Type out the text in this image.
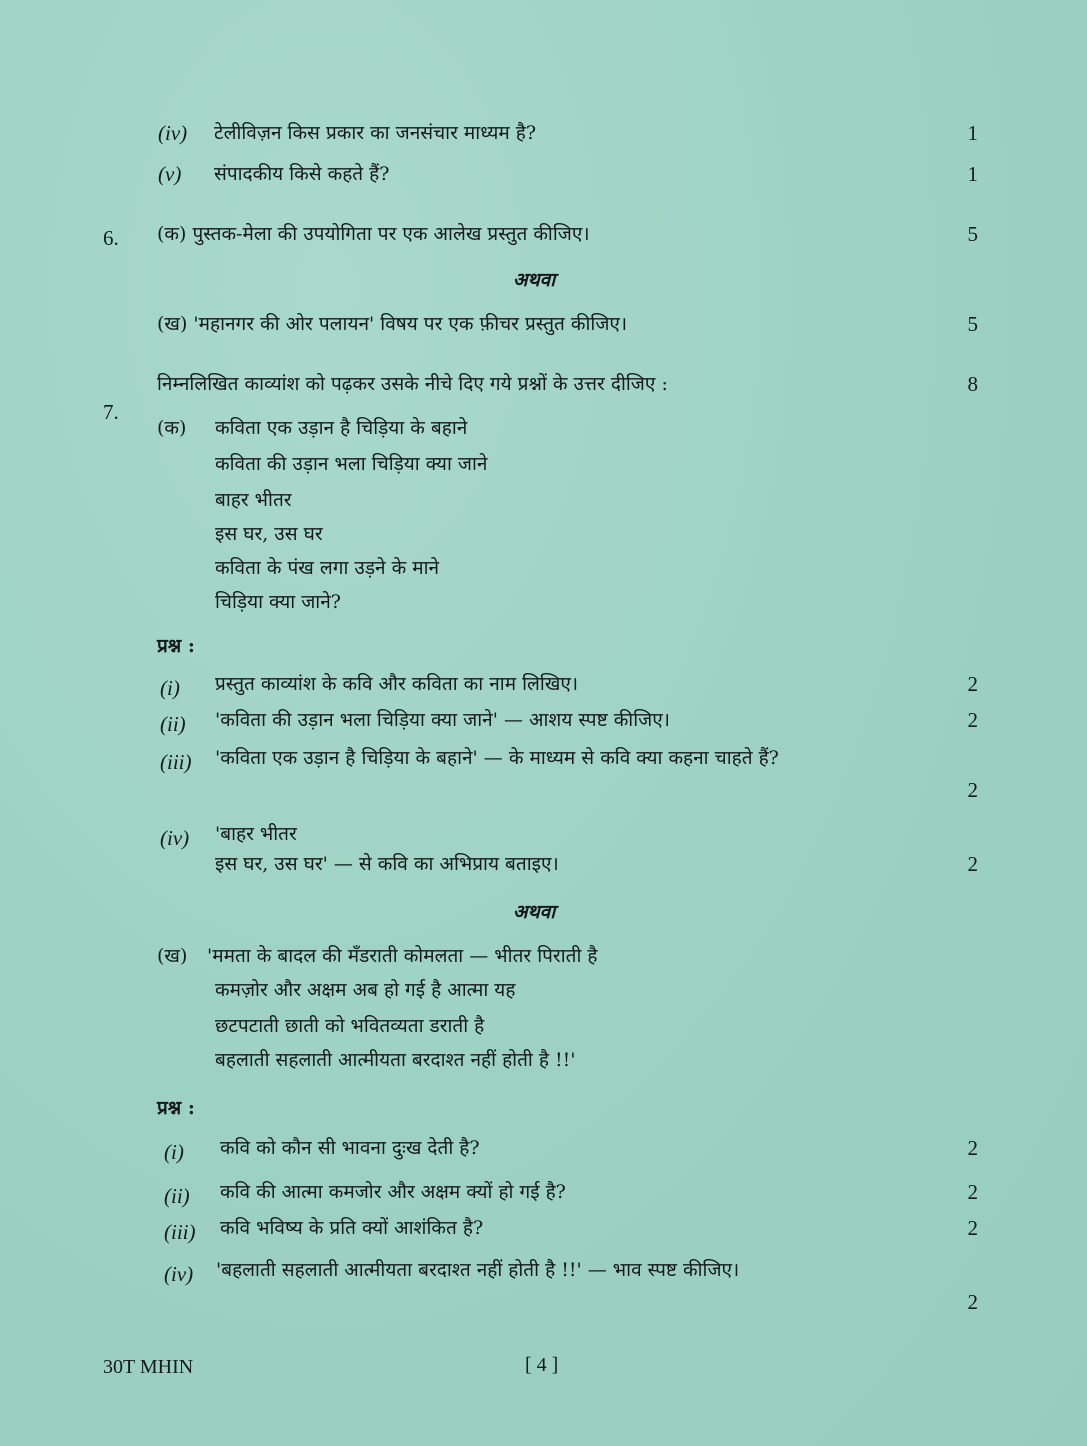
(iv) टेलीविज़न किस प्रकार का जनसंचार माध्यम है?	1
(v) संपादकीय किसे कहते हैं?	1
6. (क) पुस्तक-मेला की उपयोगिता पर एक आलेख प्रस्तुत कीजिए।	5
अथवा
(ख) 'महानगर की ओर पलायन' विषय पर एक फ़ीचर प्रस्तुत कीजिए।	5
7.
निम्नलिखित काव्यांश को पढ़कर उसके नीचे दिए गये प्रश्नों के उत्तर दीजिए :	8
(क) कविता एक उड़ान है चिड़िया के बहाने
कविता की उड़ान भला चिड़िया क्या जाने
बाहर भीतर
इस घर, उस घर
कविता के पंख लगा उड़ने के माने
चिड़िया क्या जाने?
प्रश्न :
(i) प्रस्तुत काव्यांश के कवि और कविता का नाम लिखिए।	2
(ii) 'कविता की उड़ान भला चिड़िया क्या जाने' — आशय स्पष्ट कीजिए।	2
(iii) 'कविता एक उड़ान है चिड़िया के बहाने' — के माध्यम से कवि क्या कहना चाहते हैं?
2
(iv) 'बाहर भीतर
इस घर, उस घर' — से कवि का अभिप्राय बताइए।	2
अथवा
(ख) 'ममता के बादल की मँडराती कोमलता — भीतर पिराती है
कमज़ोर और अक्षम अब हो गई है आत्मा यह
छटपटाती छाती को भवितव्यता डराती है
बहलाती सहलाती आत्मीयता बरदाश्त नहीं होती है !!'
प्रश्न :
(i) कवि को कौन सी भावना दुःख देती है?	2
(ii) कवि की आत्मा कमजोर और अक्षम क्यों हो गई है?	2
(iii) कवि भविष्य के प्रति क्यों आशंकित है?	2
(iv) 'बहलाती सहलाती आत्मीयता बरदाश्त नहीं होती है !!' — भाव स्पष्ट कीजिए।
2
30T MHIN	[ 4 ]
